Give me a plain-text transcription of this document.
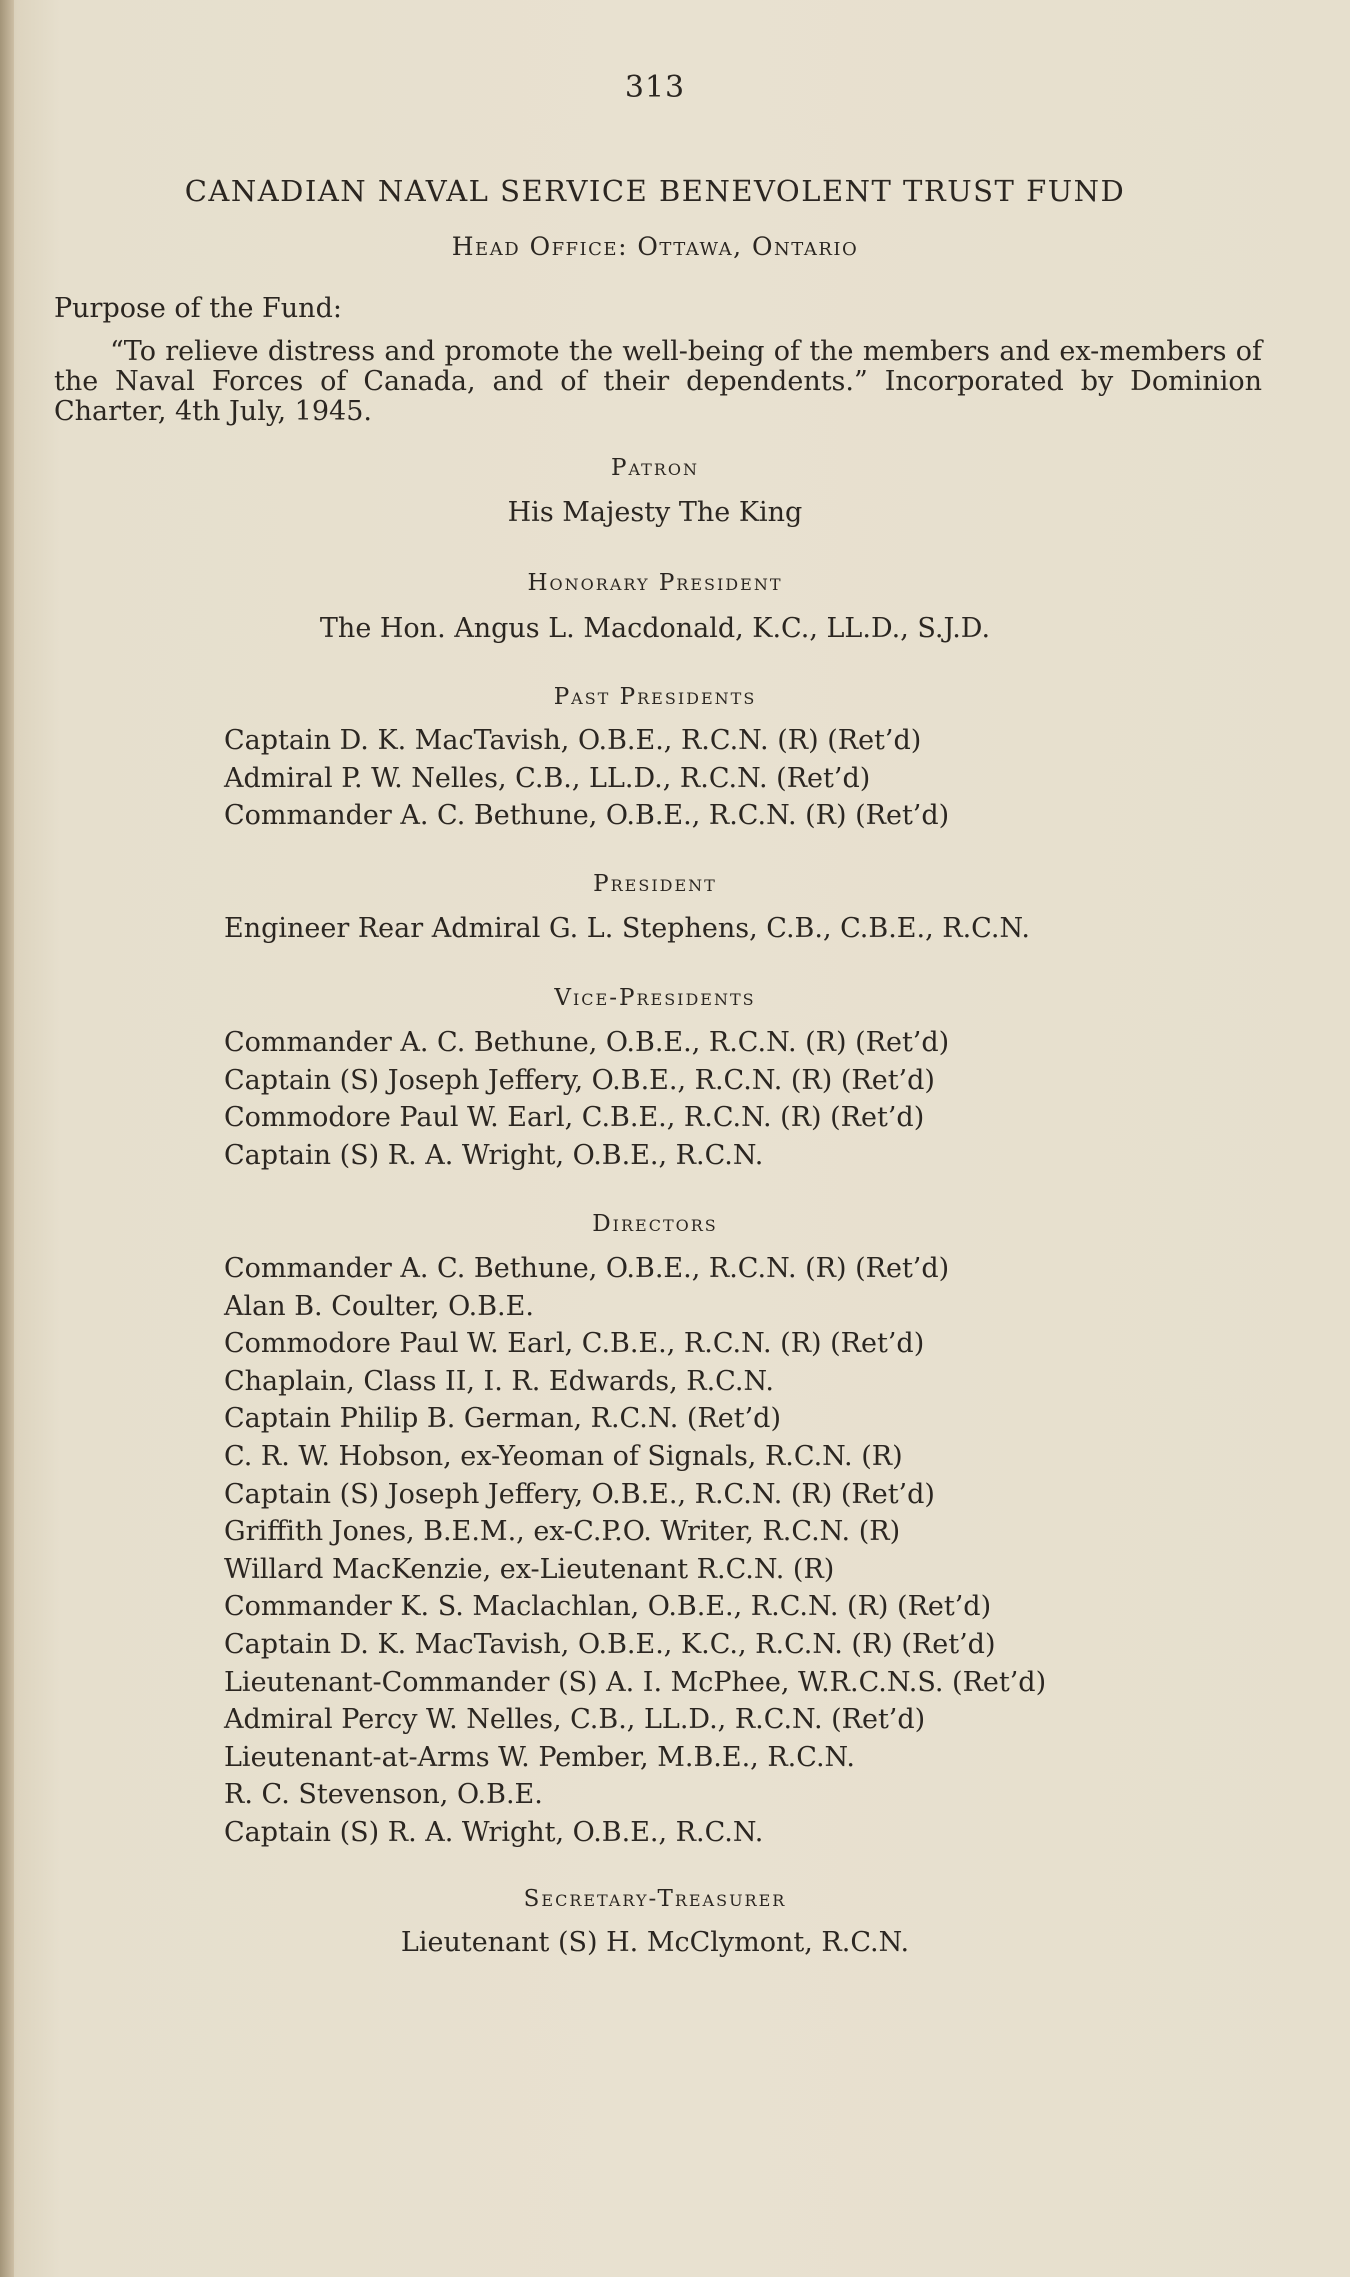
313
CANADIAN NAVAL SERVICE BENEVOLENT TRUST FUND
Head Office: Ottawa, Ontario
Purpose of the Fund:
“To relieve distress and promote the well-being of the members and ex-members of the Naval Forces of Canada, and of their dependents.” Incorporated by Dominion Charter, 4th July, 1945.
Patron
His Majesty The King
Honorary President
The Hon. Angus L. Macdonald, K.C., LL.D., S.J.D.
Past Presidents
Captain D. K. MacTavish, O.B.E., R.C.N. (R) (Ret’d)
Admiral P. W. Nelles, C.B., LL.D., R.C.N. (Ret’d)
Commander A. C. Bethune, O.B.E., R.C.N. (R) (Ret’d)
President
Engineer Rear Admiral G. L. Stephens, C.B., C.B.E., R.C.N.
Vice-Presidents
Commander A. C. Bethune, O.B.E., R.C.N. (R) (Ret’d)
Captain (S) Joseph Jeffery, O.B.E., R.C.N. (R) (Ret’d)
Commodore Paul W. Earl, C.B.E., R.C.N. (R) (Ret’d)
Captain (S) R. A. Wright, O.B.E., R.C.N.
Directors
Commander A. C. Bethune, O.B.E., R.C.N. (R) (Ret’d)
Alan B. Coulter, O.B.E.
Commodore Paul W. Earl, C.B.E., R.C.N. (R) (Ret’d)
Chaplain, Class II, I. R. Edwards, R.C.N.
Captain Philip B. German, R.C.N. (Ret’d)
C. R. W. Hobson, ex-Yeoman of Signals, R.C.N. (R)
Captain (S) Joseph Jeffery, O.B.E., R.C.N. (R) (Ret’d)
Griffith Jones, B.E.M., ex-C.P.O. Writer, R.C.N. (R)
Willard MacKenzie, ex-Lieutenant R.C.N. (R)
Commander K. S. Maclachlan, O.B.E., R.C.N. (R) (Ret’d)
Captain D. K. MacTavish, O.B.E., K.C., R.C.N. (R) (Ret’d)
Lieutenant-Commander (S) A. I. McPhee, W.R.C.N.S. (Ret’d)
Admiral Percy W. Nelles, C.B., LL.D., R.C.N. (Ret’d)
Lieutenant-at-Arms W. Pember, M.B.E., R.C.N.
R. C. Stevenson, O.B.E.
Captain (S) R. A. Wright, O.B.E., R.C.N.
Secretary-Treasurer
Lieutenant (S) H. McClymont, R.C.N.
